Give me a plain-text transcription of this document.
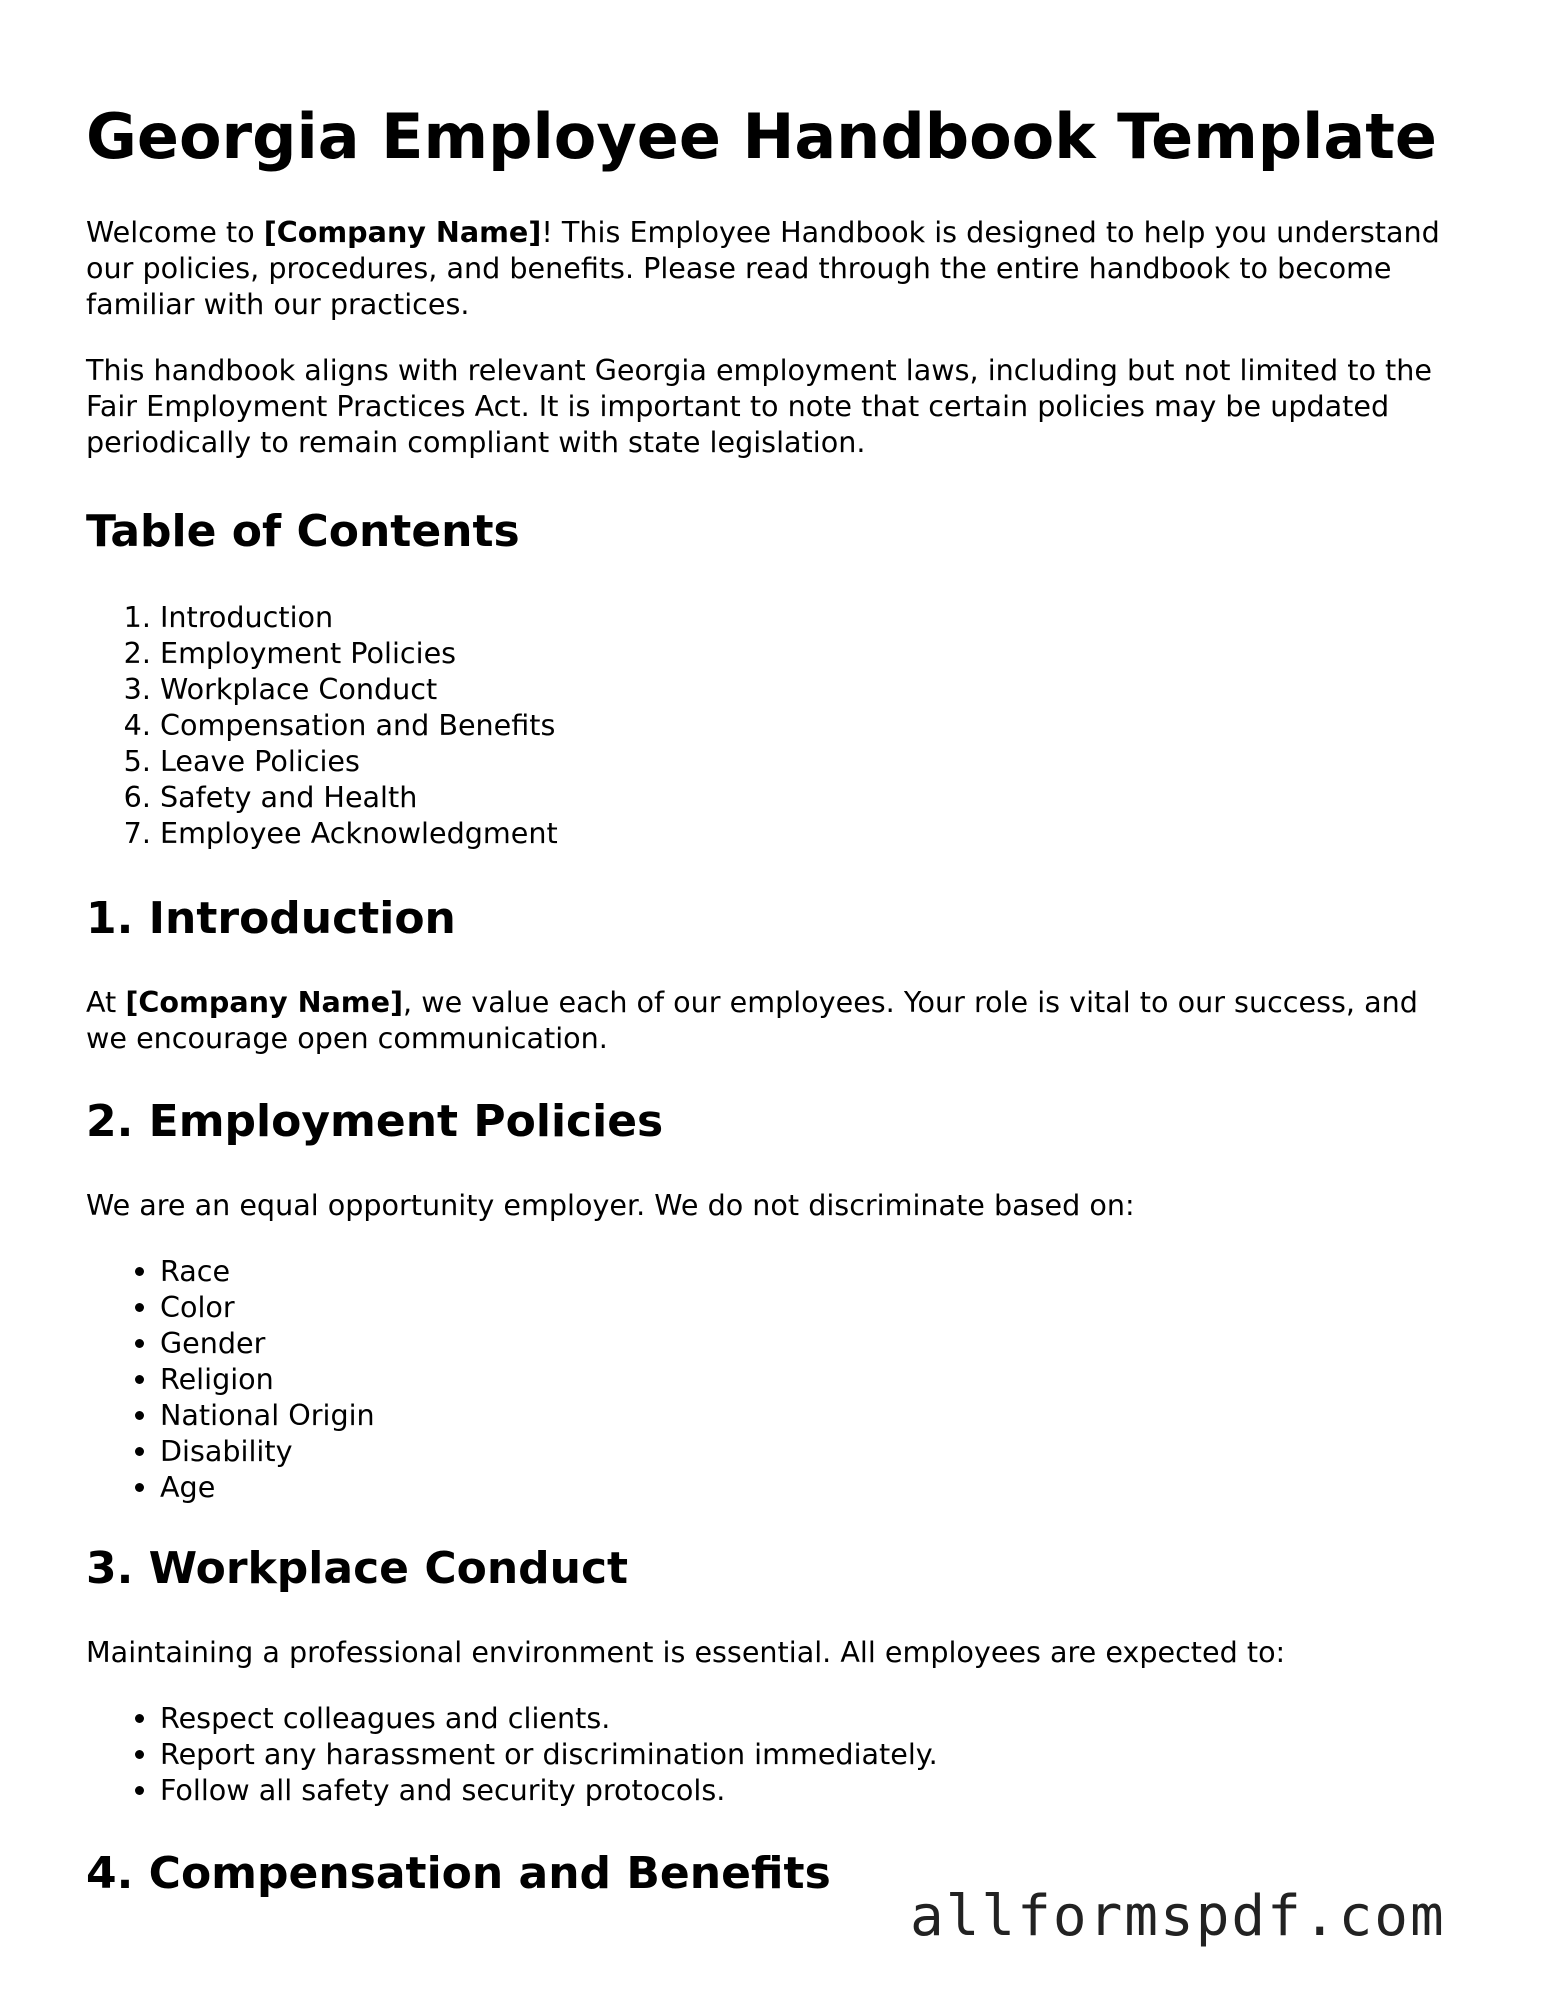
Georgia Employee Handbook Template

Welcome to [Company Name]! This Employee Handbook is designed to help you understand our policies, procedures, and benefits. Please read through the entire handbook to become familiar with our practices.

This handbook aligns with relevant Georgia employment laws, including but not limited to the Fair Employment Practices Act. It is important to note that certain policies may be updated periodically to remain compliant with state legislation.

Table of Contents
1. Introduction
2. Employment Policies
3. Workplace Conduct
4. Compensation and Benefits
5. Leave Policies
6. Safety and Health
7. Employee Acknowledgment
1. Introduction

At [Company Name], we value each of our employees. Your role is vital to our success, and we encourage open communication.

2. Employment Policies

We are an equal opportunity employer. We do not discriminate based on:

• Race
• Color
• Gender
• Religion
• National Origin
• Disability
• Age
3. Workplace Conduct

Maintaining a professional environment is essential. All employees are expected to:

• Respect colleagues and clients.
• Report any harassment or discrimination immediately.
• Follow all safety and security protocols.
4. Compensation and Benefits
allformspdf.com
